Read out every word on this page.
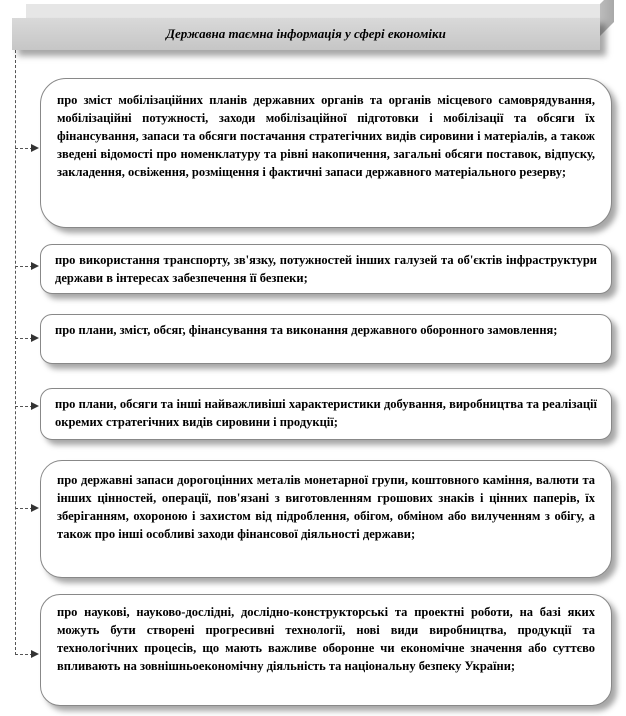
Державна таємна інформація у сфері економіки
про зміст мобілізаційних планів державних органів та органів місцевого самоврядування, мобілізаційні потужності, заходи мобілізаційної підготовки і мобілізації та обсяги їх фінансування, запаси та обсяги постачання стратегічних видів сировини і матеріалів, а також зведені відомості про номенклатуру та рівні накопичення, загальні обсяги поставок, відпуску, закладення, освіження, розміщення і фактичні запаси державного матеріального резерву;
про використання транспорту, зв'язку, потужностей інших галузей та об'єктів інфраструктури держави в інтересах забезпечення її безпеки;
про плани, зміст, обсяг, фінансування та виконання державного оборонного замовлення;
про плани, обсяги та інші найважливіші характеристики добування, виробництва та реалізації окремих стратегічних видів сировини і продукції;
про державні запаси дорогоцінних металів монетарної групи, коштовного каміння, валюти та інших цінностей, операції, пов'язані з виготовленням грошових знаків і цінних паперів, їх зберіганням, охороною і захистом від підроблення, обігом, обміном або вилученням з обігу, а також про інші особливі заходи фінансової діяльності держави;
про наукові, науково-дослідні, дослідно-конструкторські та проектні роботи, на базі яких можуть бути створені прогресивні технології, нові види виробництва, продукції та технологічних процесів, що мають важливе оборонне чи економічне значення або суттєво впливають на зовнішньоекономічну діяльність та національну безпеку України;
